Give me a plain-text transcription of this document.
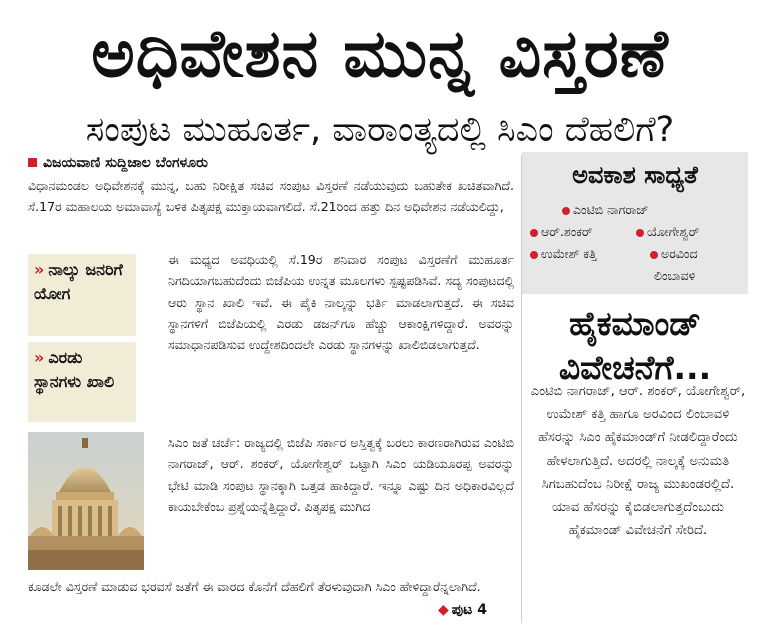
ಅಧಿವೇಶನ ಮುನ್ನ ವಿಸ್ತರಣೆ
ಸಂಪುಟ ಮುಹೂರ್ತ, ವಾರಾಂತ್ಯದಲ್ಲಿ ಸಿಎಂ ದೆಹಲಿಗೆ?
ವಿಜಯವಾಣಿ ಸುದ್ದಿಜಾಲ ಬೆಂಗಳೂರು
ವಿಧಾನಮಂಡಲ ಅಧಿವೇಶನಕ್ಕೆ ಮುನ್ನ, ಬಹು ನಿರೀಕ್ಷಿತ ಸಚಿವ ಸಂಪುಟ ವಿಸ್ತರಣೆ ನಡೆಯುವುದು ಬಹುತೇಕ ಖಚಿತವಾಗಿದೆ. ಸೆ.17ರ ಮಹಾಲಯ ಅಮಾವಾಸ್ಯೆ ಬಳಿಕ ಪಿತೃಪಕ್ಷ ಮುಕ್ತಾಯವಾಗಲಿದೆ. ಸೆ.21ರಿಂದ ಹತ್ತು ದಿನ ಅಧಿವೇಶನ ನಡೆಯಲಿದ್ದು,
» ನಾಲ್ಕು ಜನರಿಗೆ ಯೋಗ
» ಎರಡು ಸ್ಥಾನಗಳು ಖಾಲಿ
ಈ ಮಧ್ಯದ ಅವಧಿಯಲ್ಲಿ ಸೆ.19ರ ಶನಿವಾರ ಸಂಪುಟ ವಿಸ್ತರಣೆಗೆ ಮುಹೂರ್ತ ನಿಗದಿಯಾಗಬಹುದೆಂದು ಬಿಜೆಪಿಯ ಉನ್ನತ ಮೂಲಗಳು ಸ್ಪಷ್ಟಪಡಿಸಿವೆ. ಸದ್ಯ ಸಂಪುಟದಲ್ಲಿ ಆರು ಸ್ಥಾನ ಖಾಲಿ ಇವೆ. ಈ ಪೈಕಿ ನಾಲ್ಕನ್ನು ಭರ್ತಿ ಮಾಡಲಾಗುತ್ತದೆ. ಈ ಸಚಿವ ಸ್ಥಾನಗಳಿಗೆ ಬಿಜೆಪಿಯಲ್ಲಿ ಎರಡು ಡಜನ್‌ಗೂ ಹೆಚ್ಚು ಆಕಾಂಕ್ಷಿಗಳಿದ್ದಾರೆ. ಅವರನ್ನು ಸಮಾಧಾನಪಡಿಸುವ ಉದ್ದೇಶದಿಂದಲೇ ಎರಡು ಸ್ಥಾನಗಳನ್ನು ಖಾಲಿಬಿಡಲಾಗುತ್ತದೆ.
ಸಿಎಂ ಜತೆ ಚರ್ಚೆ: ರಾಜ್ಯದಲ್ಲಿ ಬಿಜೆಪಿ ಸರ್ಕಾರ ಅಸ್ತಿತ್ವಕ್ಕೆ ಬರಲು ಕಾರಣರಾಗಿರುವ ಎಂಟಿಬಿ ನಾಗರಾಜ್, ಆರ್. ಶಂಕರ್, ಯೋಗೇಶ್ವರ್ ಒಟ್ಟಾಗಿ ಸಿಎಂ ಯಡಿಯೂರಪ್ಪ ಅವರನ್ನು ಭೇಟಿ ಮಾಡಿ ಸಂಪುಟ ಸ್ಥಾನಕ್ಕಾಗಿ ಒತ್ತಡ ಹಾಕಿದ್ದಾರೆ. ಇನ್ನೂ ಎಷ್ಟು ದಿನ ಅಧಿಕಾರವಿಲ್ಲದೆ ಕಾಯಬೇಕೆಂಬ ಪ್ರಶ್ನೆಯನ್ನೆತ್ತಿದ್ದಾರೆ. ಪಿತೃಪಕ್ಷ ಮುಗಿದ
ಕೂಡಲೇ ವಿಸ್ತರಣೆ ಮಾಡುವ ಭರವಸೆ ಜತೆಗೆ ಈ ವಾರದ ಕೊನೆಗೆ ದೆಹಲಿಗೆ ತೆರಳುವುದಾಗಿ ಸಿಎಂ ಹೇಳಿದ್ದಾರೆನ್ನಲಾಗಿದೆ.
◆ ಪುಟ 4
ಅವಕಾಶ ಸಾಧ್ಯತೆ
ಎಂಟಿಬಿ ನಾಗರಾಜ್
ಆರ್.ಶಂಕರ್	ಯೋಗೇಶ್ವರ್
ಉಮೇಶ್ ಕತ್ತಿ	ಅರವಿಂದ
ಲಿಂಬಾವಳಿ
ಹೈಕಮಾಂಡ್ ವಿವೇಚನೆಗೆ...
ಎಂಟಿಬಿ ನಾಗರಾಜ್, ಆರ್. ಶಂಕರ್, ಯೋಗೇಶ್ವರ್, ಉಮೇಶ್ ಕತ್ತಿ ಹಾಗೂ ಅರವಿಂದ ಲಿಂಬಾವಳಿ ಹೆಸರನ್ನು ಸಿಎಂ ಹೈಕಮಾಂಡ್‌ಗೆ ನೀಡಲಿದ್ದಾರೆಂದು ಹೇಳಲಾಗುತ್ತಿದೆ. ಅದರಲ್ಲಿ ನಾಲ್ಕಕ್ಕೆ ಅನುಮತಿ ಸಿಗಬಹುದೆಂಬ ನಿರೀಕ್ಷೆ ರಾಜ್ಯ ಮುಖಂಡರಲ್ಲಿದೆ. ಯಾವ ಹೆಸರನ್ನು ಕೈಬಿಡಲಾಗುತ್ತದೆಂಬುದು ಹೈಕಮಾಂಡ್ ವಿವೇಚನೆಗೆ ಸೇರಿದೆ.
